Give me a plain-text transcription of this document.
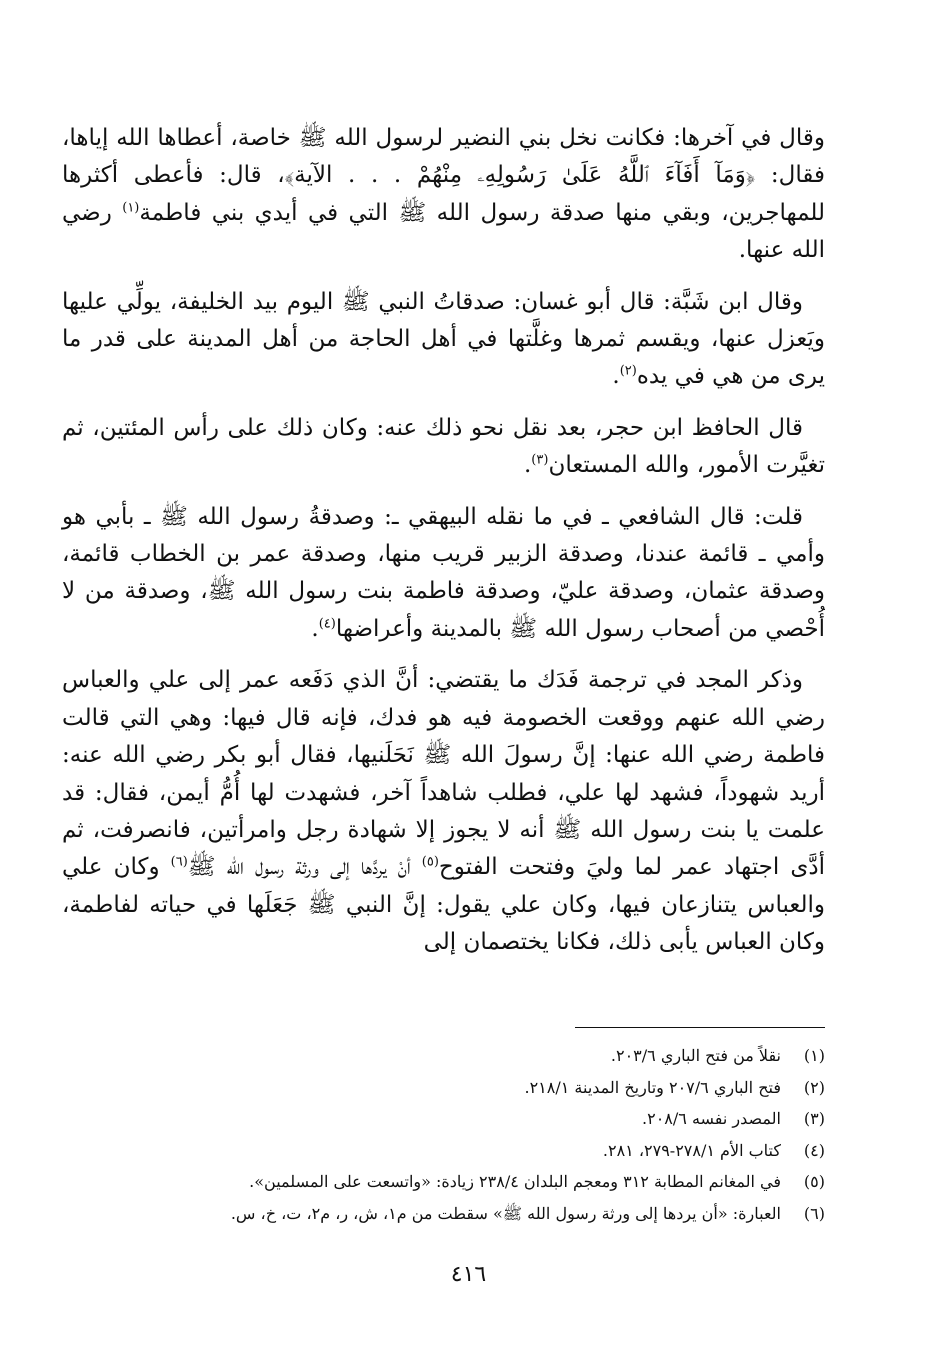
وقال في آخرها: فكانت نخل بني النضير لرسول الله ﷺ خاصة، أعطاها الله إياها، فقال: ﴿وَمَآ أَفَآءَ ٱللَّهُ عَلَىٰ رَسُولِهِۦ مِنْهُمْ . . . الآية﴾، قال: فأعطى أكثرها للمهاجرين، وبقي منها صدقة رسول الله ﷺ التي في أيدي بني فاطمة$^{(١)}$ رضي الله عنها.

وقال ابن شَبَّة: قال أبو غسان: صدقاتُ النبي ﷺ اليوم بيد الخليفة، يولِّي عليها ويَعزل عنها، ويقسم ثمرها وغلَّتها في أهل الحاجة من أهل المدينة على قدر ما يرى من هي في يده$^{(٢)}$.

قال الحافظ ابن حجر، بعد نقل نحو ذلك عنه: وكان ذلك على رأس المئتين، ثم تغيَّرت الأمور، والله المستعان$^{(٣)}$.

قلت: قال الشافعي ـ في ما نقله البيهقي ـ: وصدقةُ رسول الله ﷺ ـ بأبي هو وأمي ـ قائمة عندنا، وصدقة الزبير قريب منها، وصدقة عمر بن الخطاب قائمة، وصدقة عثمان، وصدقة عليّ، وصدقة فاطمة بنت رسول الله ﷺ، وصدقة من لا أُحْصي من أصحاب رسول الله ﷺ بالمدينة وأعراضها$^{(٤)}$.

وذكر المجد في ترجمة فَدَك ما يقتضي: أنَّ الذي دَفَعه عمر إلى علي والعباس رضي الله عنهم ووقعت الخصومة فيه هو فدك، فإنه قال فيها: وهي التي قالت فاطمة رضي الله عنها: إنَّ رسولَ الله ﷺ نَحَلَنيها، فقال أبو بكر رضي الله عنه: أريد شهوداً، فشهد لها علي، فطلب شاهداً آخر، فشهدت لها أُمُّ أيمن، فقال: قد علمت يا بنت رسول الله ﷺ أنه لا يجوز إلا شهادة رجل وامرأتين، فانصرفت، ثم أدَّى اجتهاد عمر لما وليَ وفتحت الفتوح$^{(٥)}$ أنْ يردَّها إلى ورثة رسول الله ﷺ$^{(٦)}$ وكان علي والعباس يتنازعان فيها، وكان علي يقول: إنَّ النبي ﷺ جَعَلَها في حياته لفاطمة، وكان العباس يأبى ذلك، فكانا يختصمان إلى

(١)
نقلاً من فتح الباري ٢٠٣/٦.
(٢)
فتح الباري ٢٠٧/٦ وتاريخ المدينة ٢١٨/١.
(٣)
المصدر نفسه ٢٠٨/٦.
(٤)
كتاب الأم ٢٧٨/١-٢٧٩، ٢٨١.
(٥)
في المغانم المطابة ٣١٢ ومعجم البلدان ٢٣٨/٤ زيادة: «واتسعت على المسلمين».
(٦)
العبارة: «أن يردها إلى ورثة رسول الله ﷺ» سقطت من م١، ش، ر، م٢، ت، خ، س.
٤١٦
